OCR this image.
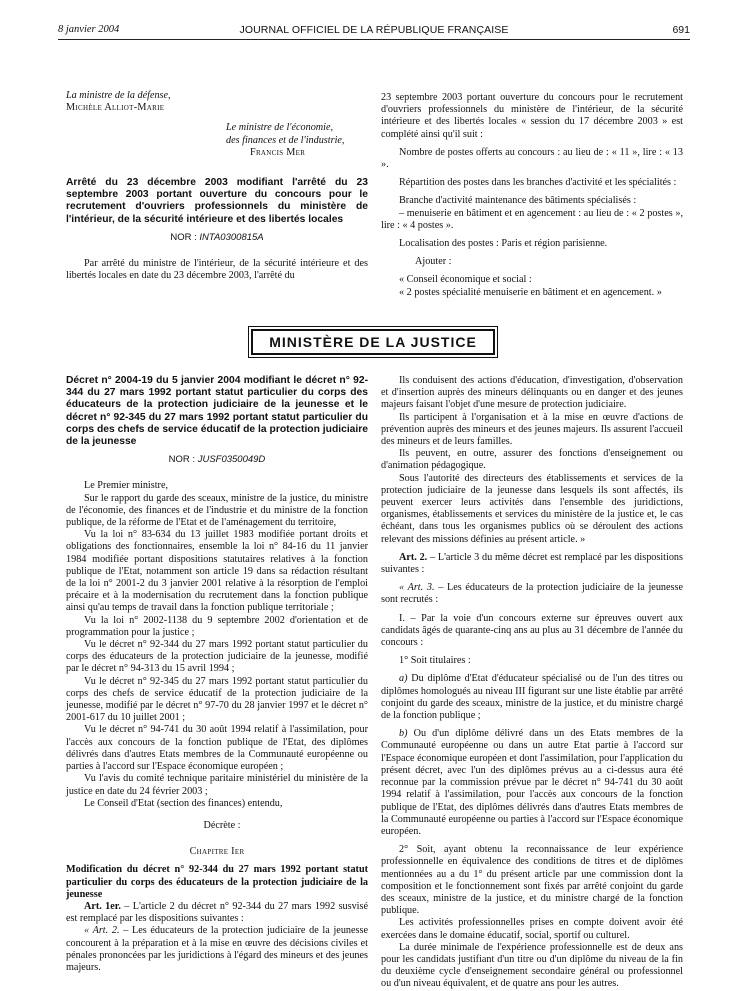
8 janvier 2004	JOURNAL OFFICIEL DE LA RÉPUBLIQUE FRANÇAISE	691

La ministre de la défense,

Michèle Alliot-Marie

Le ministre de l'économie,

des finances et de l'industrie,

Francis Mer

Arrêté du 23 décembre 2003 modifiant l'arrêté du 23 septembre 2003 portant ouverture du concours pour le recrutement d'ouvriers professionnels du ministère de l'intérieur, de la sécurité intérieure et des libertés locales

NOR : INTA0300815A

Par arrêté du ministre de l'intérieur, de la sécurité intérieure et des libertés locales en date du 23 décembre 2003, l'arrêté du

23 septembre 2003 portant ouverture du concours pour le recrutement d'ouvriers professionnels du ministère de l'intérieur, de la sécurité intérieure et des libertés locales « session du 17 décembre 2003 » est complété ainsi qu'il suit :

Nombre de postes offerts au concours : au lieu de : « 11 », lire : « 13 ».

Répartition des postes dans les branches d'activité et les spécialités :

Branche d'activité maintenance des bâtiments spécialisés :

– menuiserie en bâtiment et en agencement : au lieu de : « 2 postes », lire : « 4 postes ».

Localisation des postes : Paris et région parisienne.

Ajouter :

« Conseil économique et social :

« 2 postes spécialité menuiserie en bâtiment et en agencement. »

MINISTÈRE DE LA JUSTICE

Décret n° 2004-19 du 5 janvier 2004 modifiant le décret n° 92-344 du 27 mars 1992 portant statut particulier du corps des éducateurs de la protection judiciaire de la jeunesse et le décret n° 92-345 du 27 mars 1992 portant statut particulier du corps des chefs de service éducatif de la protection judiciaire de la jeunesse

NOR : JUSF0350049D

Le Premier ministre,

Sur le rapport du garde des sceaux, ministre de la justice, du ministre de l'économie, des finances et de l'industrie et du ministre de la fonction publique, de la réforme de l'Etat et de l'aménagement du territoire,

Vu la loi n° 83-634 du 13 juillet 1983 modifiée portant droits et obligations des fonctionnaires, ensemble la loi n° 84-16 du 11 janvier 1984 modifiée portant dispositions statutaires relatives à la fonction publique de l'Etat, notamment son article 19 dans sa rédaction résultant de la loi n° 2001-2 du 3 janvier 2001 relative à la résorption de l'emploi précaire et à la modernisation du recrutement dans la fonction publique ainsi qu'au temps de travail dans la fonction publique territoriale ;

Vu la loi n° 2002-1138 du 9 septembre 2002 d'orientation et de programmation pour la justice ;

Vu le décret n° 92-344 du 27 mars 1992 portant statut particulier du corps des éducateurs de la protection judiciaire de la jeunesse, modifié par le décret n° 94-313 du 15 avril 1994 ;

Vu le décret n° 92-345 du 27 mars 1992 portant statut particulier du corps des chefs de service éducatif de la protection judiciaire de la jeunesse, modifié par le décret n° 97-70 du 28 janvier 1997 et le décret n° 2001-617 du 10 juillet 2001 ;

Vu le décret n° 94-741 du 30 août 1994 relatif à l'assimilation, pour l'accès aux concours de la fonction publique de l'Etat, des diplômes délivrés dans d'autres Etats membres de la Communauté européenne ou parties à l'accord sur l'Espace économique européen ;

Vu l'avis du comité technique paritaire ministériel du ministère de la justice en date du 24 février 2003 ;

Le Conseil d'Etat (section des finances) entendu,

Décrète :

Chapitre Ier

Modification du décret n° 92-344 du 27 mars 1992 portant statut particulier du corps des éducateurs de la protection judiciaire de la jeunesse

Art. 1er. – L'article 2 du décret n° 92-344 du 27 mars 1992 susvisé est remplacé par les dispositions suivantes :

« Art. 2. – Les éducateurs de la protection judiciaire de la jeunesse concourent à la préparation et à la mise en œuvre des décisions civiles et pénales prononcées par les juridictions à l'égard des mineurs et des jeunes majeurs.

Ils conduisent des actions d'éducation, d'investigation, d'observation et d'insertion auprès des mineurs délinquants ou en danger et des jeunes majeurs faisant l'objet d'une mesure de protection judiciaire.

Ils participent à l'organisation et à la mise en œuvre d'actions de prévention auprès des mineurs et des jeunes majeurs. Ils assurent l'accueil des mineurs et de leurs familles.

Ils peuvent, en outre, assurer des fonctions d'enseignement ou d'animation pédagogique.

Sous l'autorité des directeurs des établissements et services de la protection judiciaire de la jeunesse dans lesquels ils sont affectés, ils peuvent exercer leurs activités dans l'ensemble des juridictions, organismes, établissements et services du ministère de la justice et, le cas échéant, dans tous les organismes publics où se déroulent des actions relevant des missions définies au présent article. »

Art. 2. – L'article 3 du même décret est remplacé par les dispositions suivantes :

« Art. 3. – Les éducateurs de la protection judiciaire de la jeunesse sont recrutés :

I. – Par la voie d'un concours externe sur épreuves ouvert aux candidats âgés de quarante-cinq ans au plus au 31 décembre de l'année du concours :

1° Soit titulaires :

a) Du diplôme d'Etat d'éducateur spécialisé ou de l'un des titres ou diplômes homologués au niveau III figurant sur une liste établie par arrêté conjoint du garde des sceaux, ministre de la justice, et du ministre chargé de la fonction publique ;

b) Ou d'un diplôme délivré dans un des Etats membres de la Communauté européenne ou dans un autre Etat partie à l'accord sur l'Espace économique européen et dont l'assimilation, pour l'application du présent décret, avec l'un des diplômes prévus au a ci-dessus aura été reconnue par la commission prévue par le décret n° 94-741 du 30 août 1994 relatif à l'assimilation, pour l'accès aux concours de la fonction publique de l'Etat, des diplômes délivrés dans d'autres Etats membres de la Communauté européenne ou parties à l'accord sur l'Espace économique européen.

2° Soit, ayant obtenu la reconnaissance de leur expérience professionnelle en équivalence des conditions de titres et de diplômes mentionnées au a du 1° du présent article par une commission dont la composition et le fonctionnement sont fixés par arrêté conjoint du garde des sceaux, ministre de la justice, et du ministre chargé de la fonction publique.

Les activités professionnelles prises en compte doivent avoir été exercées dans le domaine éducatif, social, sportif ou culturel.

La durée minimale de l'expérience professionnelle est de deux ans pour les candidats justifiant d'un titre ou d'un diplôme du niveau de la fin du deuxième cycle d'enseignement secondaire général ou professionnel ou d'un niveau équivalent, et de quatre ans pour les autres.
